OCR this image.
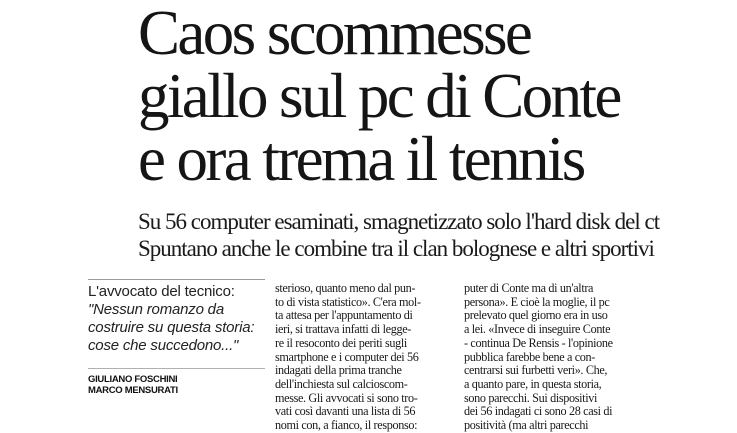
Caos scommesse
giallo sul pc di Conte
e ora trema il tennis
Su 56 computer esaminati, smagnetizzato solo l'hard disk del ct
Spuntano anche le combine tra il clan bolognese e altri sportivi
L'avvocato del tecnico:
"Nessun romanzo da
costruire su questa storia:
cose che succedono..."
GIULIANO FOSCHINI
MARCO MENSURATI
sterioso, quanto meno dal pun-
to di vista statistico». C'era mol-
ta attesa per l'appuntamento di
ieri, si trattava infatti di legge-
re il resoconto dei periti sugli
smartphone e i computer dei 56
indagati della prima tranche
dell'inchiesta sul calcioscom-
messe. Gli avvocati si sono tro-
vati così davanti una lista di 56
nomi con, a fianco, il responso:
puter di Conte ma di un'altra
persona». E cioè la moglie, il pc
prelevato quel giorno era in uso
a lei. «Invece di inseguire Conte
- continua De Rensis - l'opinione
pubblica farebbe bene a con-
centrarsi sui furbetti veri». Che,
a quanto pare, in questa storia,
sono parecchi. Sui dispositivi
dei 56 indagati ci sono 28 casi di
positività (ma altri parecchi
